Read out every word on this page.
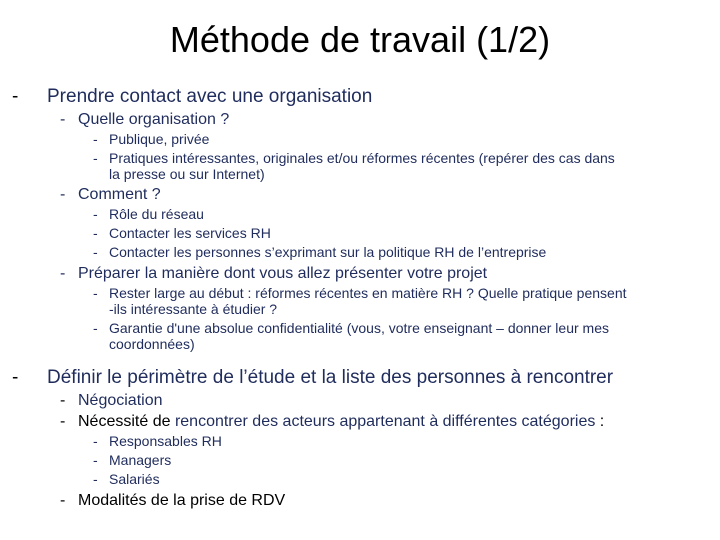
Méthode de travail (1/2)
- Prendre contact avec une organisation
- Quelle organisation ?
- Publique, privée
- Pratiques intéressantes, originales et/ou réformes récentes (repérer des cas dans
la presse ou sur Internet)
- Comment ?
- Rôle du réseau
- Contacter les services RH
- Contacter les personnes s’exprimant sur la politique RH de l’entreprise
- Préparer la manière dont vous allez présenter votre projet
- Rester large au début : réformes récentes en matière RH ? Quelle pratique pensent
-ils intéressante à étudier ?
- Garantie d'une absolue confidentialité (vous, votre enseignant – donner leur mes
coordonnées)
- Définir le périmètre de l’étude et la liste des personnes à rencontrer
- Négociation
- Nécessité de rencontrer des acteurs appartenant à différentes catégories :
- Responsables RH
- Managers
- Salariés
- Modalités de la prise de RDV
